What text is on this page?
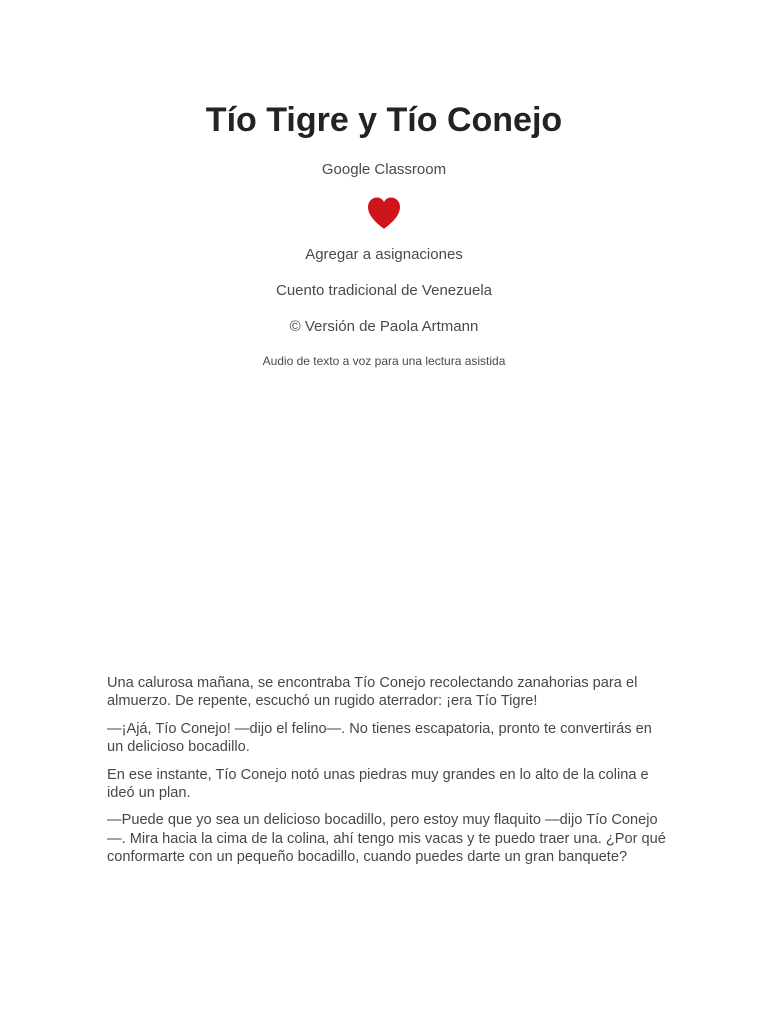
Tío Tigre y Tío Conejo
Google Classroom
Agregar a asignaciones
Cuento tradicional de Venezuela
© Versión de Paola Artmann
Audio de texto a voz para una lectura asistida

Una calurosa mañana, se encontraba Tío Conejo recolectando zanahorias para el almuerzo. De repente, escuchó un rugido aterrador: ¡era Tío Tigre!

—¡Ajá, Tío Conejo! —dijo el felino—. No tienes escapatoria, pronto te convertirás en un delicioso bocadillo.

En ese instante, Tío Conejo notó unas piedras muy grandes en lo alto de la colina e ideó un plan.

—Puede que yo sea un delicioso bocadillo, pero estoy muy flaquito —dijo Tío Conejo—. Mira hacia la cima de la colina, ahí tengo mis vacas y te puedo traer una. ¿Por qué conformarte con un pequeño bocadillo, cuando puedes darte un gran banquete?
